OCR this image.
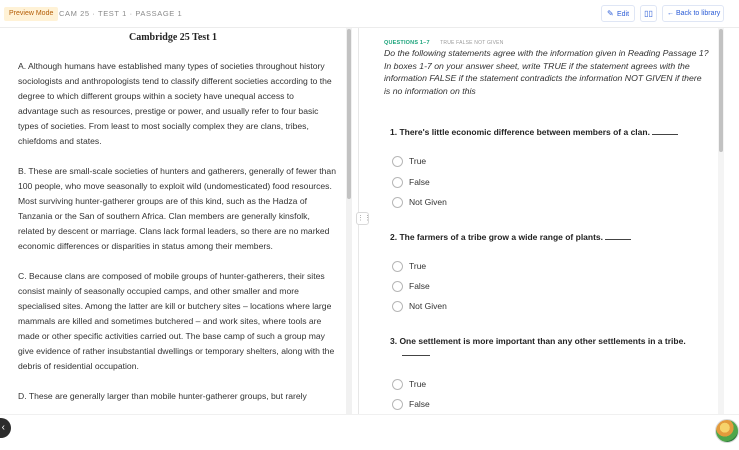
Preview Mode CAM 25 · TEST 1 · PASSAGE 1	✎ Edit	▯▯	← Back to library
Cambridge 25 Test 1

A. Although humans have established many types of societies throughout history sociologists and anthropologists tend to classify different societies according to the degree to which different groups within a society have unequal access to advantage such as resources, prestige or power, and usually refer to four basic types of societies. From least to most socially complex they are clans, tribes, chiefdoms and states.

B. These are small-scale societies of hunters and gatherers, generally of fewer than 100 people, who move seasonally to exploit wild (undomesticated) food resources. Most surviving hunter-gatherer groups are of this kind, such as the Hadza of Tanzania or the San of southern Africa. Clan members are generally kinsfolk, related by descent or marriage. Clans lack formal leaders, so there are no marked economic differences or disparities in status among their members.

C. Because clans are composed of mobile groups of hunter-gatherers, their sites consist mainly of seasonally occupied camps, and other smaller and more specialised sites. Among the latter are kill or butchery sites – locations where large mammals are killed and sometimes butchered – and work sites, where tools are made or other specific activities carried out. The base camp of such a group may give evidence of rather insubstantial dwellings or temporary shelters, along with the debris of residential occupation.

D. These are generally larger than mobile hunter-gatherer groups, but rarely

⋮⋮
QUESTIONS 1–7 TRUE FALSE NOT GIVEN

Do the following statements agree with the information given in Reading Passage 1? In boxes 1-7 on your answer sheet, write TRUE if the statement agrees with the information FALSE if the statement contradicts the information NOT GIVEN if there is no information on this

1. There's little economic difference between members of a clan.
True
False
Not Given
2. The farmers of a tribe grow a wide range of plants.
True
False
Not Given
3. One settlement is more important than any other settlements in a tribe.
True
False
‹
